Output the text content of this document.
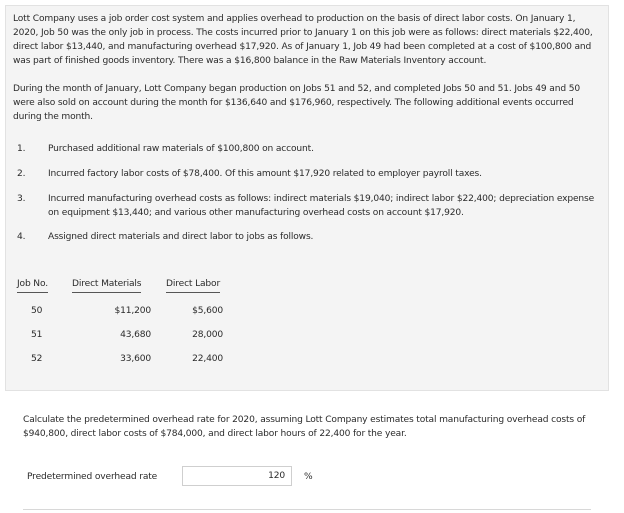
Lott Company uses a job order cost system and applies overhead to production on the basis of direct labor costs. On January 1, 2020, Job 50 was the only job in process. The costs incurred prior to January 1 on this job were as follows: direct materials $22,400, direct labor $13,440, and manufacturing overhead $17,920. As of January 1, Job 49 had been completed at a cost of $100,800 and was part of finished goods inventory. There was a $16,800 balance in the Raw Materials Inventory account.

During the month of January, Lott Company began production on Jobs 51 and 52, and completed Jobs 50 and 51. Jobs 49 and 50 were also sold on account during the month for $136,640 and $176,960, respectively. The following additional events occurred during the month.

1. Purchased additional raw materials of $100,800 on account.
2. Incurred factory labor costs of $78,400. Of this amount $17,920 related to employer payroll taxes.
3. Incurred manufacturing overhead costs as follows: indirect materials $19,040; indirect labor $22,400; depreciation expense on equipment $13,440; and various other manufacturing overhead costs on account $17,920.
4. Assigned direct materials and direct labor to jobs as follows.
Job No.	Direct Materials	Direct Labor
50	$11,200	$5,600
51	43,680	28,000
52	33,600	22,400

Calculate the predetermined overhead rate for 2020, assuming Lott Company estimates total manufacturing overhead costs of $940,800, direct labor costs of $784,000, and direct labor hours of 22,400 for the year.

Predetermined overhead rate	120	%
